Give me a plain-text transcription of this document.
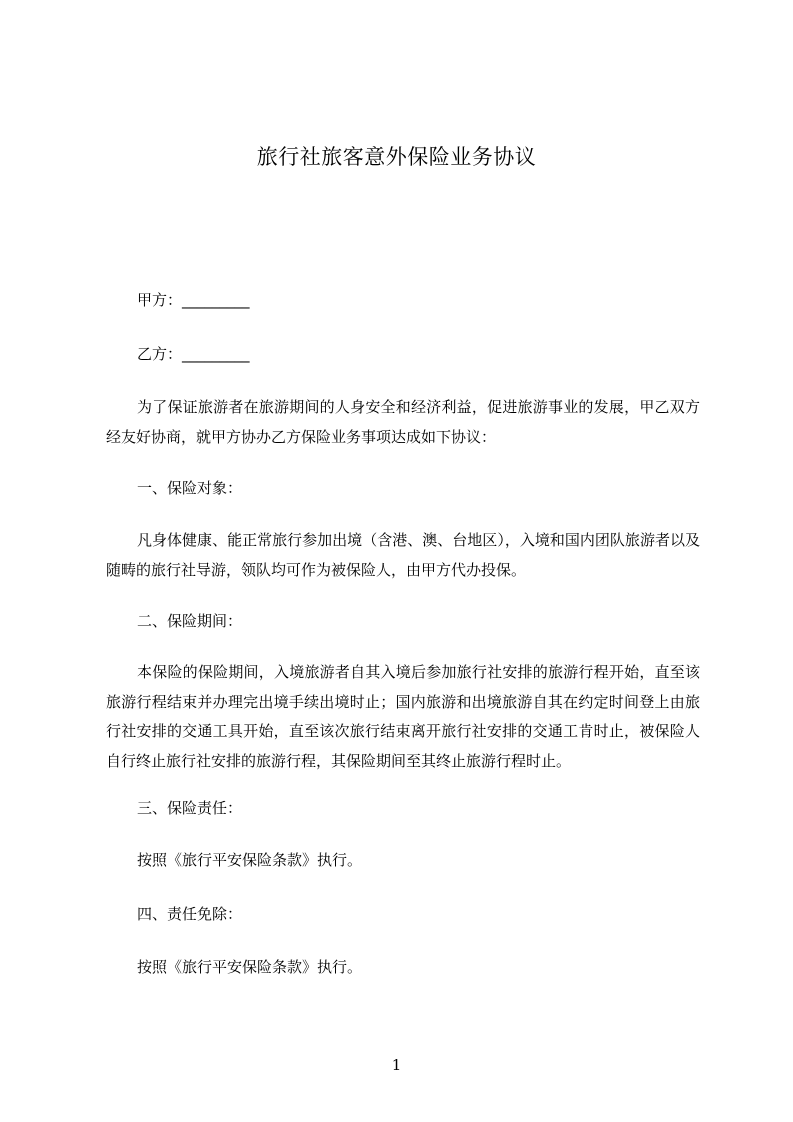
旅行社旅客意外保险业务协议
甲方：_________
乙方：_________
为了保证旅游者在旅游期间的人身安全和经济利益，促进旅游事业的发展，甲乙双方经友好协商，就甲方协办乙方保险业务事项达成如下协议：
一、保险对象：
凡身体健康、能正常旅行参加出境（含港、澳、台地区），入境和国内团队旅游者以及随畴的旅行社导游，领队均可作为被保险人，由甲方代办投保。
二、保险期间：
本保险的保险期间，入境旅游者自其入境后参加旅行社安排的旅游行程开始，直至该旅游行程结束并办理完出境手续出境时止；国内旅游和出境旅游自其在约定时间登上由旅行社安排的交通工具开始，直至该次旅行结束离开旅行社安排的交通工肯时止，被保险人自行终止旅行社安排的旅游行程，其保险期间至其终止旅游行程时止。
三、保险责任：
按照《旅行平安保险条款》执行。
四、责任免除：
按照《旅行平安保险条款》执行。
1
